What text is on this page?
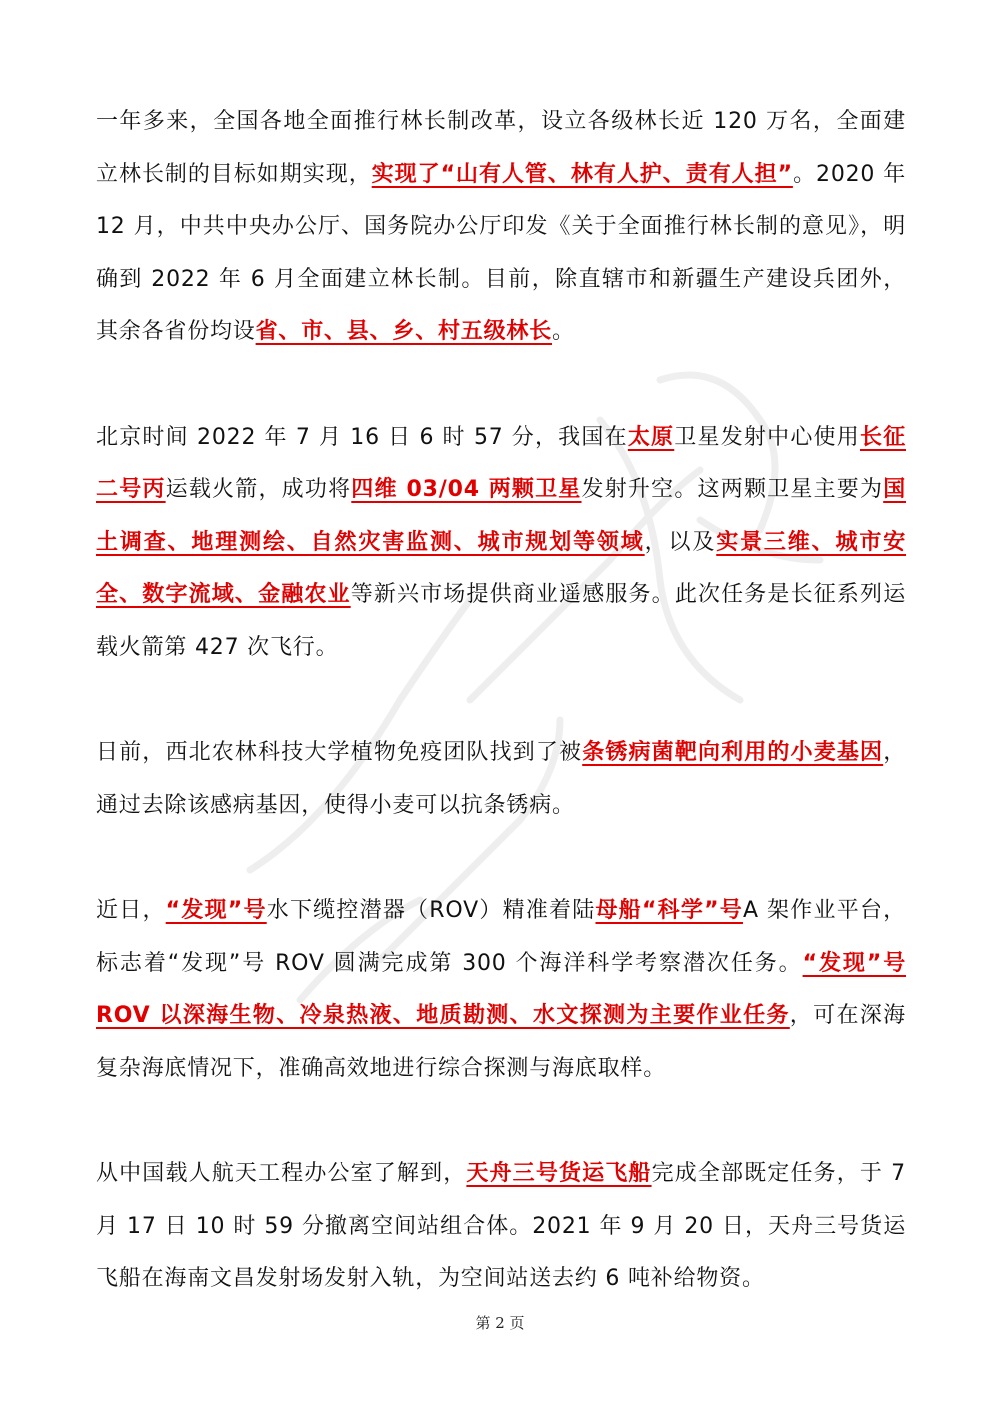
一年多来，全国各地全面推行林长制改革，设立各级林长近 120 万名，全面建立林长制的目标如期实现，实现了“山有人管、林有人护、责有人担”。2020 年 12 月，中共中央办公厅、国务院办公厅印发《关于全面推行林长制的意见》，明确到 2022 年 6 月全面建立林长制。目前，除直辖市和新疆生产建设兵团外，其余各省份均设省、市、县、乡、村五级林长。

北京时间 2022 年 7 月 16 日 6 时 57 分，我国在太原卫星发射中心使用长征二号丙运载火箭，成功将四维 03/04 两颗卫星发射升空。这两颗卫星主要为国土调查、地理测绘、自然灾害监测、城市规划等领域，以及实景三维、城市安全、数字流域、金融农业等新兴市场提供商业遥感服务。此次任务是长征系列运载火箭第 427 次飞行。

日前，西北农林科技大学植物免疫团队找到了被条锈病菌靶向利用的小麦基因，通过去除该感病基因，使得小麦可以抗条锈病。

近日，“发现”号水下缆控潜器（ROV）精准着陆母船“科学”号A 架作业平台，标志着“发现”号 ROV 圆满完成第 300 个海洋科学考察潜次任务。“发现”号 ROV 以深海生物、冷泉热液、地质勘测、水文探测为主要作业任务，可在深海复杂海底情况下，准确高效地进行综合探测与海底取样。

从中国载人航天工程办公室了解到，天舟三号货运飞船完成全部既定任务，于 7 月 17 日 10 时 59 分撤离空间站组合体。2021 年 9 月 20 日，天舟三号货运飞船在海南文昌发射场发射入轨，为空间站送去约 6 吨补给物资。

第 2 页
